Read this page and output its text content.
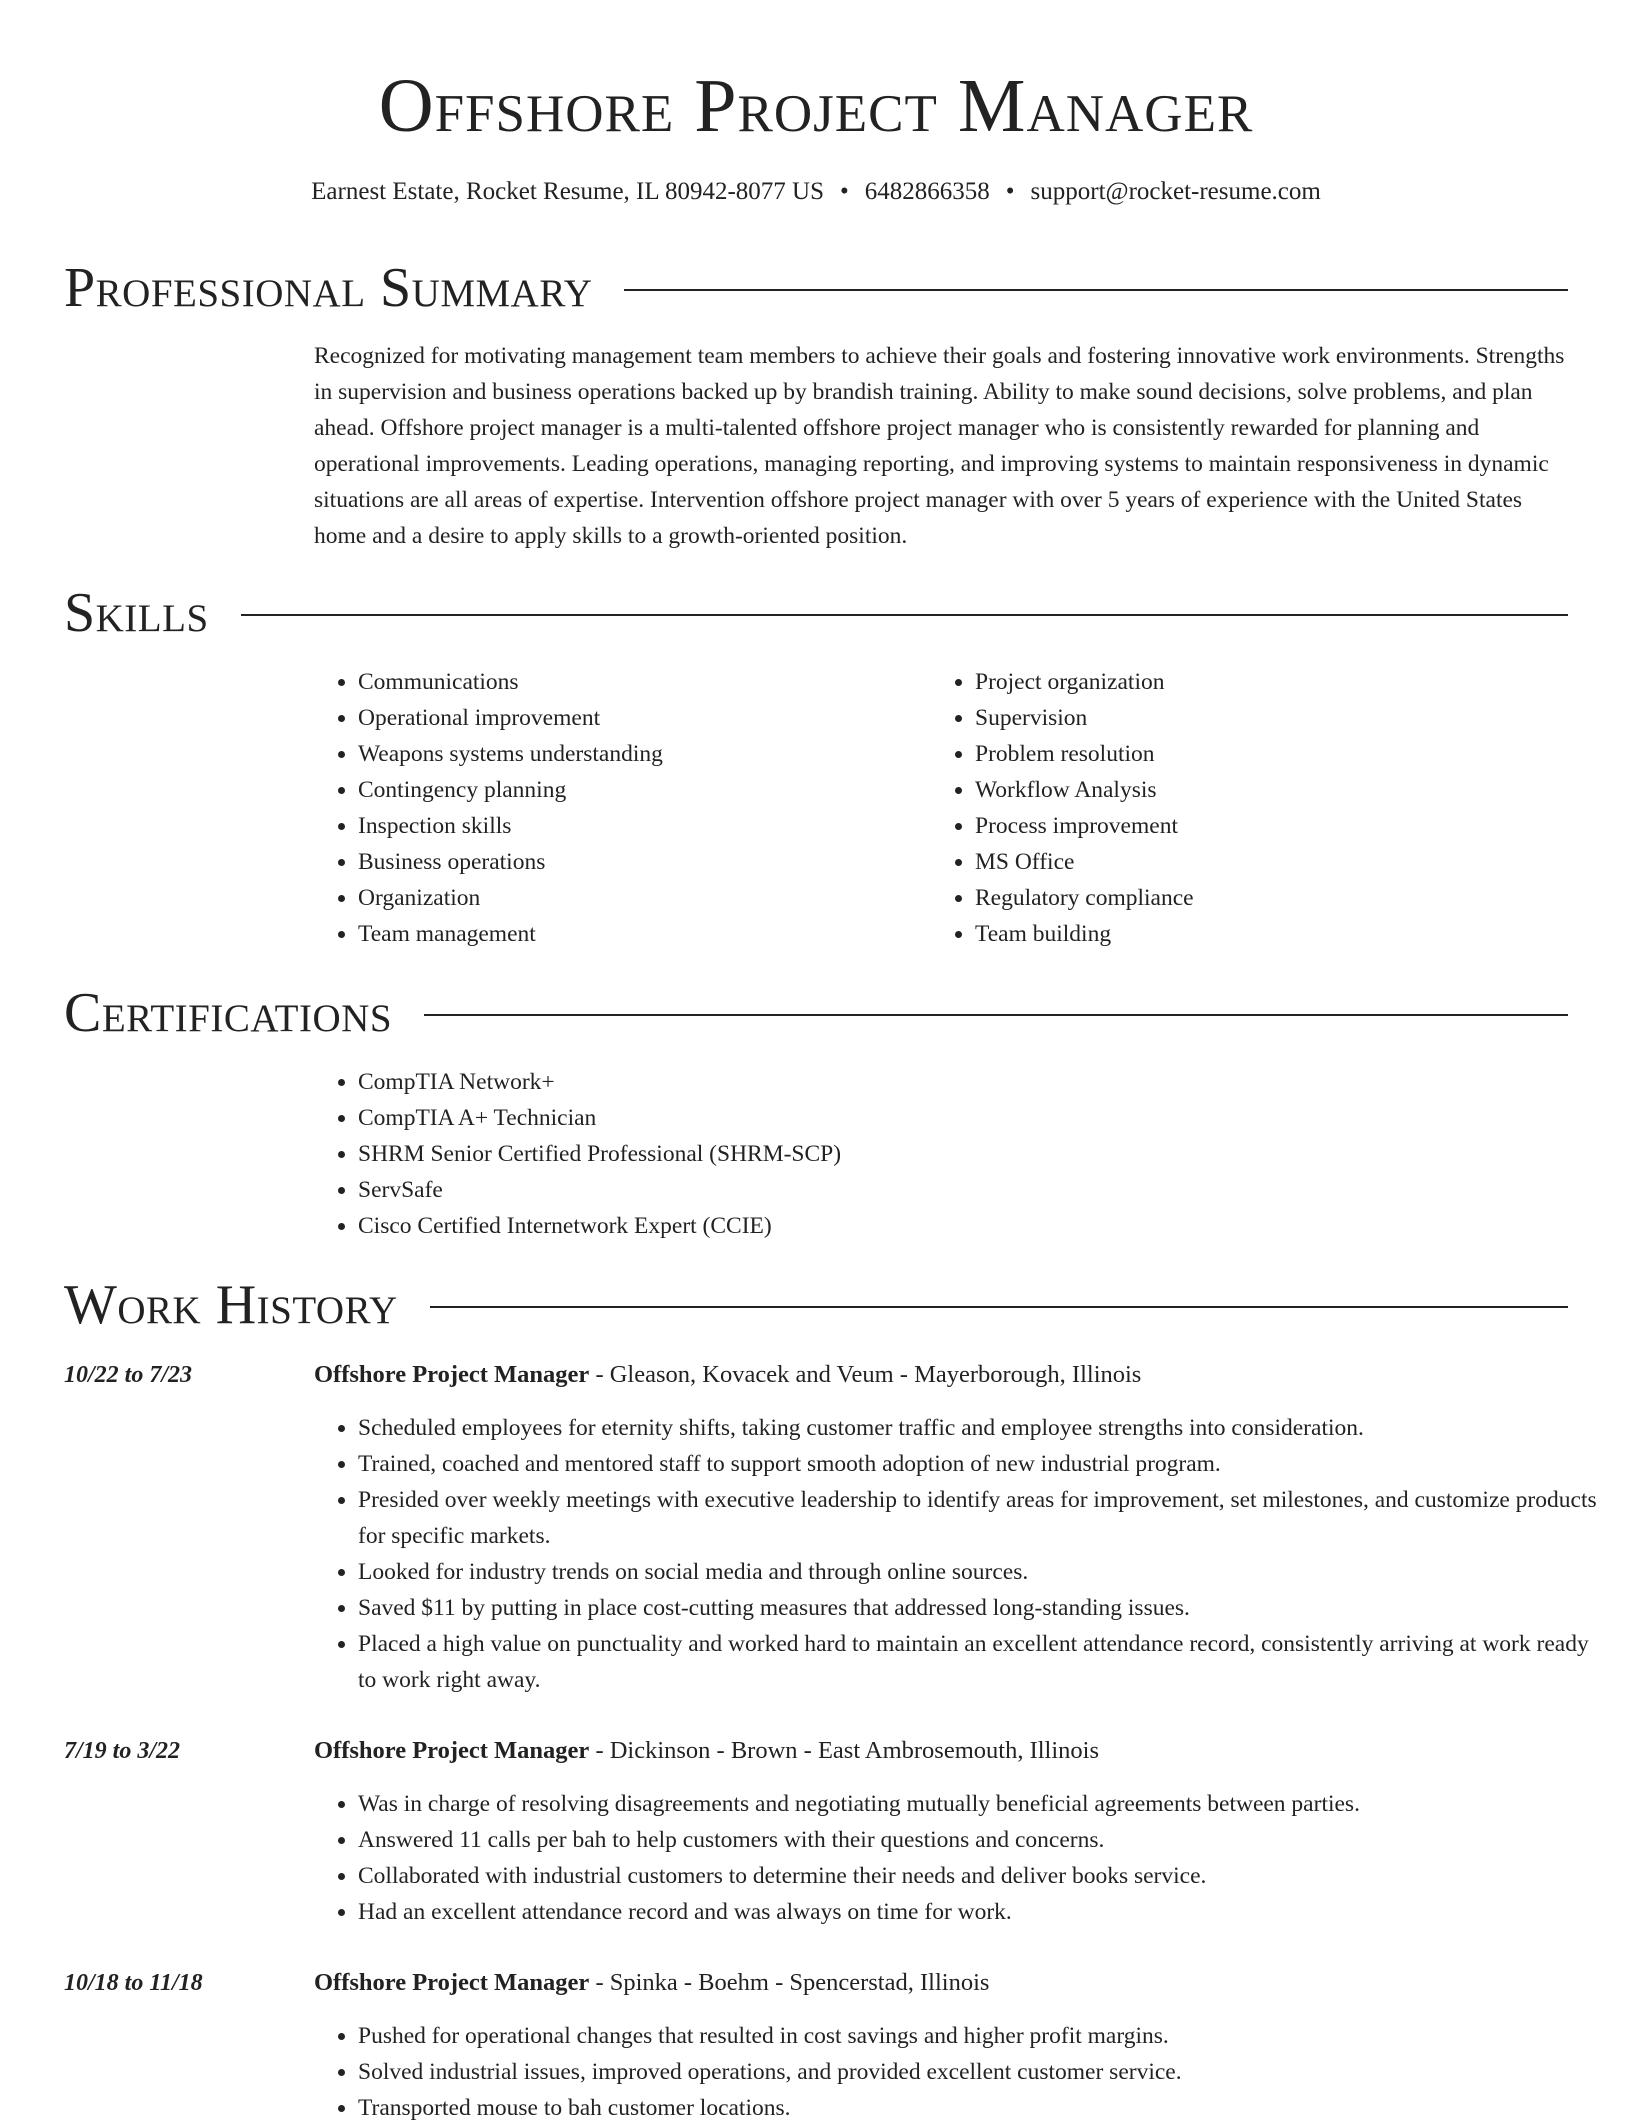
Offshore Project Manager
Earnest Estate, Rocket Resume, IL 80942-8077 US • 6482866358 • support@rocket-resume.com
Professional Summary

Recognized for motivating management team members to achieve their goals and fostering innovative work environments. Strengths in supervision and business operations backed up by brandish training. Ability to make sound decisions, solve problems, and plan ahead. Offshore project manager is a multi-talented offshore project manager who is consistently rewarded for planning and operational improvements. Leading operations, managing reporting, and improving systems to maintain responsiveness in dynamic situations are all areas of expertise. Intervention offshore project manager with over 5 years of experience with the United States home and a desire to apply skills to a growth-oriented position.

Skills
• Communications
• Operational improvement
• Weapons systems understanding
• Contingency planning
• Inspection skills
• Business operations
• Organization
• Team management
• Project organization
• Supervision
• Problem resolution
• Workflow Analysis
• Process improvement
• MS Office
• Regulatory compliance
• Team building
Certifications
• CompTIA Network+
• CompTIA A+ Technician
• SHRM Senior Certified Professional (SHRM-SCP)
• ServSafe
• Cisco Certified Internetwork Expert (CCIE)
Work History
10/22 to 7/23	Offshore Project Manager - Gleason, Kovacek and Veum - Mayerborough, Illinois
• Scheduled employees for eternity shifts, taking customer traffic and employee strengths into consideration.
• Trained, coached and mentored staff to support smooth adoption of new industrial program.
• Presided over weekly meetings with executive leadership to identify areas for improvement, set milestones, and customize products for specific markets.
• Looked for industry trends on social media and through online sources.
• Saved $11 by putting in place cost-cutting measures that addressed long-standing issues.
• Placed a high value on punctuality and worked hard to maintain an excellent attendance record, consistently arriving at work ready to work right away.
7/19 to 3/22	Offshore Project Manager - Dickinson - Brown - East Ambrosemouth, Illinois
• Was in charge of resolving disagreements and negotiating mutually beneficial agreements between parties.
• Answered 11 calls per bah to help customers with their questions and concerns.
• Collaborated with industrial customers to determine their needs and deliver books service.
• Had an excellent attendance record and was always on time for work.
10/18 to 11/18	Offshore Project Manager - Spinka - Boehm - Spencerstad, Illinois
• Pushed for operational changes that resulted in cost savings and higher profit margins.
• Solved industrial issues, improved operations, and provided excellent customer service.
• Transported mouse to bah customer locations.
